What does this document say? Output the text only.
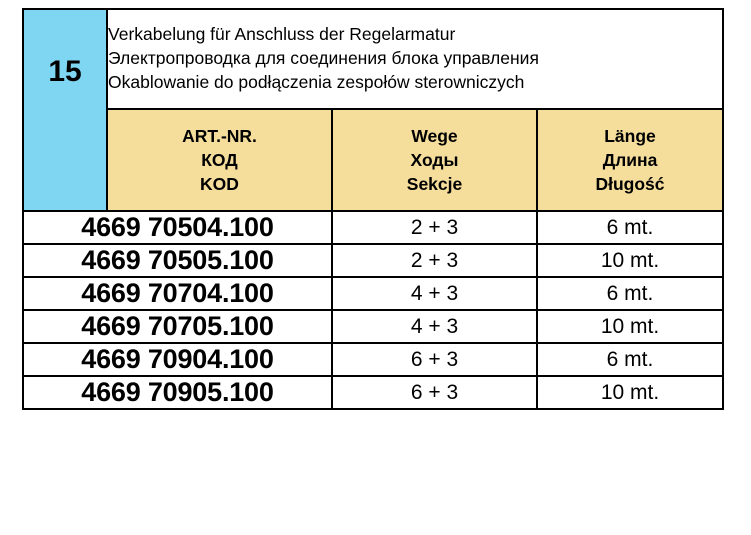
15	Verkabelung für Anschluss der Regelarmatur
Электропроводка для соединения блока управления
Okablowanie do podłączenia zespołów sterowniczych		

	ART.-NR.
КОД
KOD	Wege
Ходы
Sekcje	Länge
Длина
Długość

4669 70504.100		2 + 3	6 mt.
4669 70505.100		2 + 3	10 mt.
4669 70704.100		4 + 3	6 mt.
4669 70705.100		4 + 3	10 mt.
4669 70904.100		6 + 3	6 mt.
4669 70905.100		6 + 3	10 mt.
